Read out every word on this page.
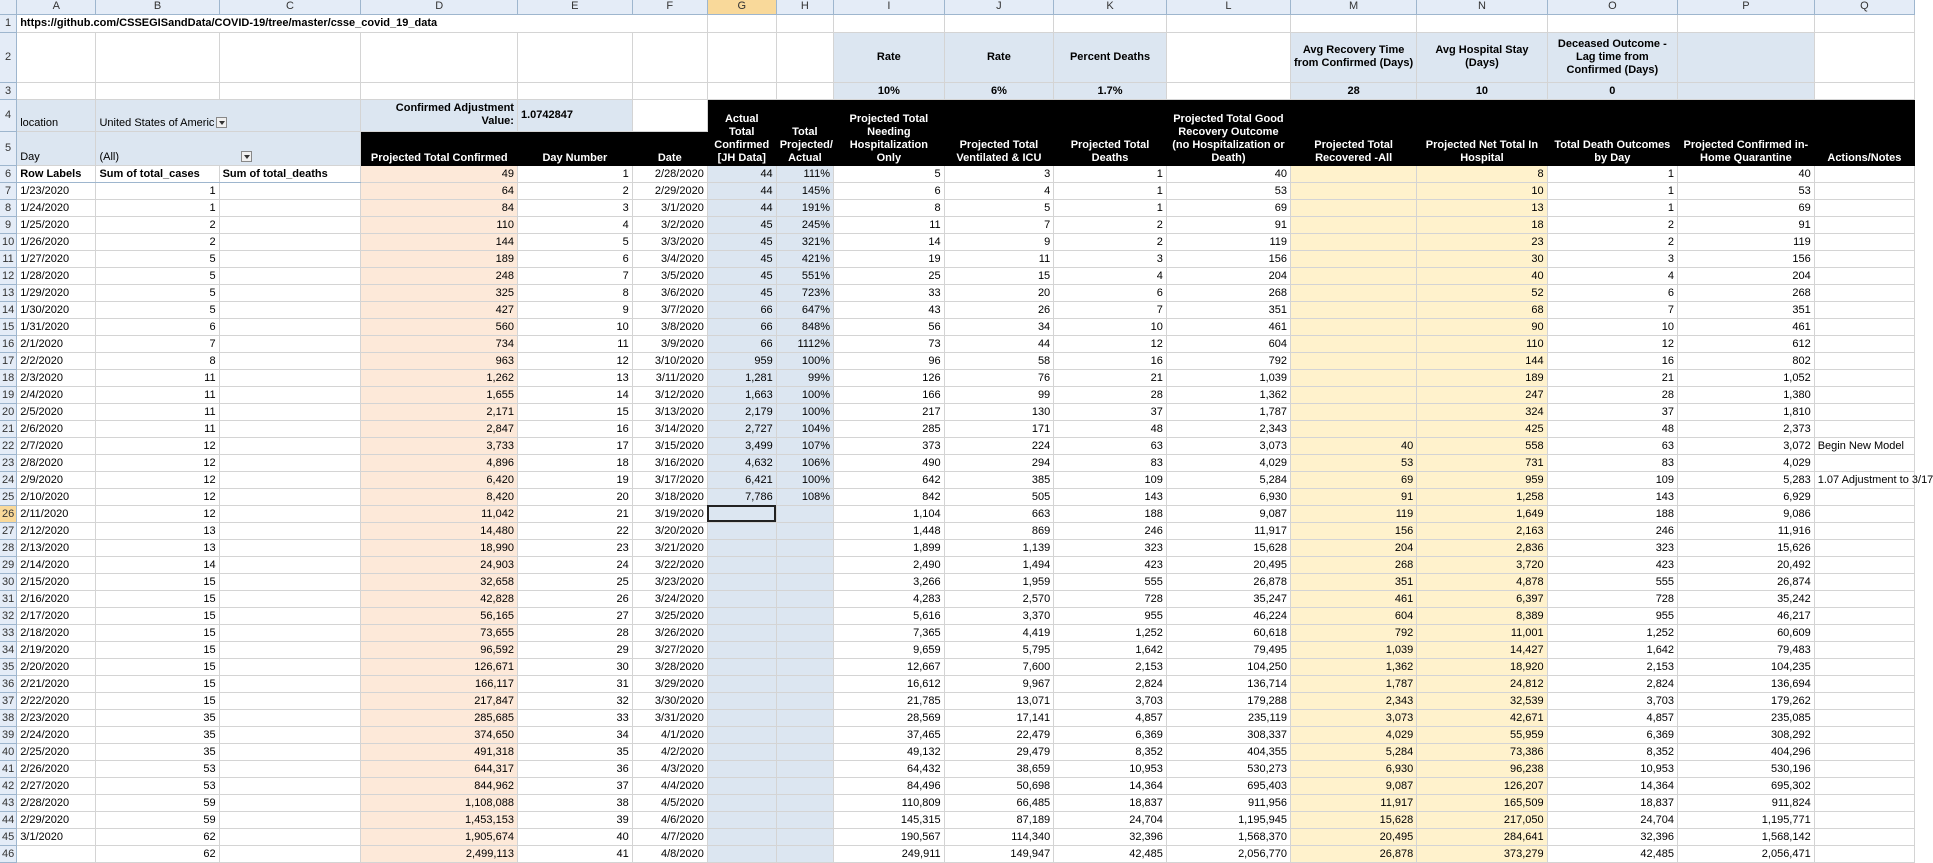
	A	B	C	D	E	F	G	H	I	J	K	L	M	N	O	P	Q
1	https://github.com/CSSEGISandData/COVID-19/tree/master/csse_covid_19_data																
2									Rate	Rate	Percent Deaths		Avg Recovery Time from Confirmed (Days)	Avg Hospital Stay (Days)	Deceased Outcome - Lag time from Confirmed (Days)		
3									10%	6%	1.7%		28	10	0		
4	location	United States of Americ		Confirmed Adjustment Value:	1.0742847		Actual Total Confirmed [JH Data]	Total Projected/ Actual	Projected Total Needing Hospitalization Only	Projected Total Ventilated & ICU	Projected Total Deaths	Projected Total Good Recovery Outcome (no Hospitalization or Death)	Projected Total Recovered -All	Projected Net Total In Hospital	Total Death Outcomes by Day	Projected Confirmed in-Home Quarantine	Actions/Notes
5	Day	(All)		Projected Total Confirmed	Day Number	Date											
6	Row Labels	Sum of total_cases	Sum of total_deaths	49	1	2/28/2020	44	111%	5	3	1	40		8	1	40	
7	1/23/2020	1		64	2	2/29/2020	44	145%	6	4	1	53		10	1	53	
8	1/24/2020	1		84	3	3/1/2020	44	191%	8	5	1	69		13	1	69	
9	1/25/2020	2		110	4	3/2/2020	45	245%	11	7	2	91		18	2	91	
10	1/26/2020	2		144	5	3/3/2020	45	321%	14	9	2	119		23	2	119	
11	1/27/2020	5		189	6	3/4/2020	45	421%	19	11	3	156		30	3	156	
12	1/28/2020	5		248	7	3/5/2020	45	551%	25	15	4	204		40	4	204	
13	1/29/2020	5		325	8	3/6/2020	45	723%	33	20	6	268		52	6	268	
14	1/30/2020	5		427	9	3/7/2020	66	647%	43	26	7	351		68	7	351	
15	1/31/2020	6		560	10	3/8/2020	66	848%	56	34	10	461		90	10	461	
16	2/1/2020	7		734	11	3/9/2020	66	1112%	73	44	12	604		110	12	612	
17	2/2/2020	8		963	12	3/10/2020	959	100%	96	58	16	792		144	16	802	
18	2/3/2020	11		1,262	13	3/11/2020	1,281	99%	126	76	21	1,039		189	21	1,052	
19	2/4/2020	11		1,655	14	3/12/2020	1,663	100%	166	99	28	1,362		247	28	1,380	
20	2/5/2020	11		2,171	15	3/13/2020	2,179	100%	217	130	37	1,787		324	37	1,810	
21	2/6/2020	11		2,847	16	3/14/2020	2,727	104%	285	171	48	2,343		425	48	2,373	
22	2/7/2020	12		3,733	17	3/15/2020	3,499	107%	373	224	63	3,073	40	558	63	3,072	Begin New Model
23	2/8/2020	12		4,896	18	3/16/2020	4,632	106%	490	294	83	4,029	53	731	83	4,029	
24	2/9/2020	12		6,420	19	3/17/2020	6,421	100%	642	385	109	5,284	69	959	109	5,283	1.07 Adjustment to 3/17
25	2/10/2020	12		8,420	20	3/18/2020	7,786	108%	842	505	143	6,930	91	1,258	143	6,929	
26	2/11/2020	12		11,042	21	3/19/2020			1,104	663	188	9,087	119	1,649	188	9,086	
27	2/12/2020	13		14,480	22	3/20/2020			1,448	869	246	11,917	156	2,163	246	11,916	
28	2/13/2020	13		18,990	23	3/21/2020			1,899	1,139	323	15,628	204	2,836	323	15,626	
29	2/14/2020	14		24,903	24	3/22/2020			2,490	1,494	423	20,495	268	3,720	423	20,492	
30	2/15/2020	15		32,658	25	3/23/2020			3,266	1,959	555	26,878	351	4,878	555	26,874	
31	2/16/2020	15		42,828	26	3/24/2020			4,283	2,570	728	35,247	461	6,397	728	35,242	
32	2/17/2020	15		56,165	27	3/25/2020			5,616	3,370	955	46,224	604	8,389	955	46,217	
33	2/18/2020	15		73,655	28	3/26/2020			7,365	4,419	1,252	60,618	792	11,001	1,252	60,609	
34	2/19/2020	15		96,592	29	3/27/2020			9,659	5,795	1,642	79,495	1,039	14,427	1,642	79,483	
35	2/20/2020	15		126,671	30	3/28/2020			12,667	7,600	2,153	104,250	1,362	18,920	2,153	104,235	
36	2/21/2020	15		166,117	31	3/29/2020			16,612	9,967	2,824	136,714	1,787	24,812	2,824	136,694	
37	2/22/2020	15		217,847	32	3/30/2020			21,785	13,071	3,703	179,288	2,343	32,539	3,703	179,262	
38	2/23/2020	35		285,685	33	3/31/2020			28,569	17,141	4,857	235,119	3,073	42,671	4,857	235,085	
39	2/24/2020	35		374,650	34	4/1/2020			37,465	22,479	6,369	308,337	4,029	55,959	6,369	308,292	
40	2/25/2020	35		491,318	35	4/2/2020			49,132	29,479	8,352	404,355	5,284	73,386	8,352	404,296	
41	2/26/2020	53		644,317	36	4/3/2020			64,432	38,659	10,953	530,273	6,930	96,238	10,953	530,196	
42	2/27/2020	53		844,962	37	4/4/2020			84,496	50,698	14,364	695,403	9,087	126,207	14,364	695,302	
43	2/28/2020	59		1,108,088	38	4/5/2020			110,809	66,485	18,837	911,956	11,917	165,509	18,837	911,824	
44	2/29/2020	59		1,453,153	39	4/6/2020			145,315	87,189	24,704	1,195,945	15,628	217,050	24,704	1,195,771	
45	3/1/2020	62		1,905,674	40	4/7/2020			190,567	114,340	32,396	1,568,370	20,495	284,641	32,396	1,568,142	
46		62		2,499,113	41	4/8/2020			249,911	149,947	42,485	2,056,770	26,878	373,279	42,485	2,056,471	
